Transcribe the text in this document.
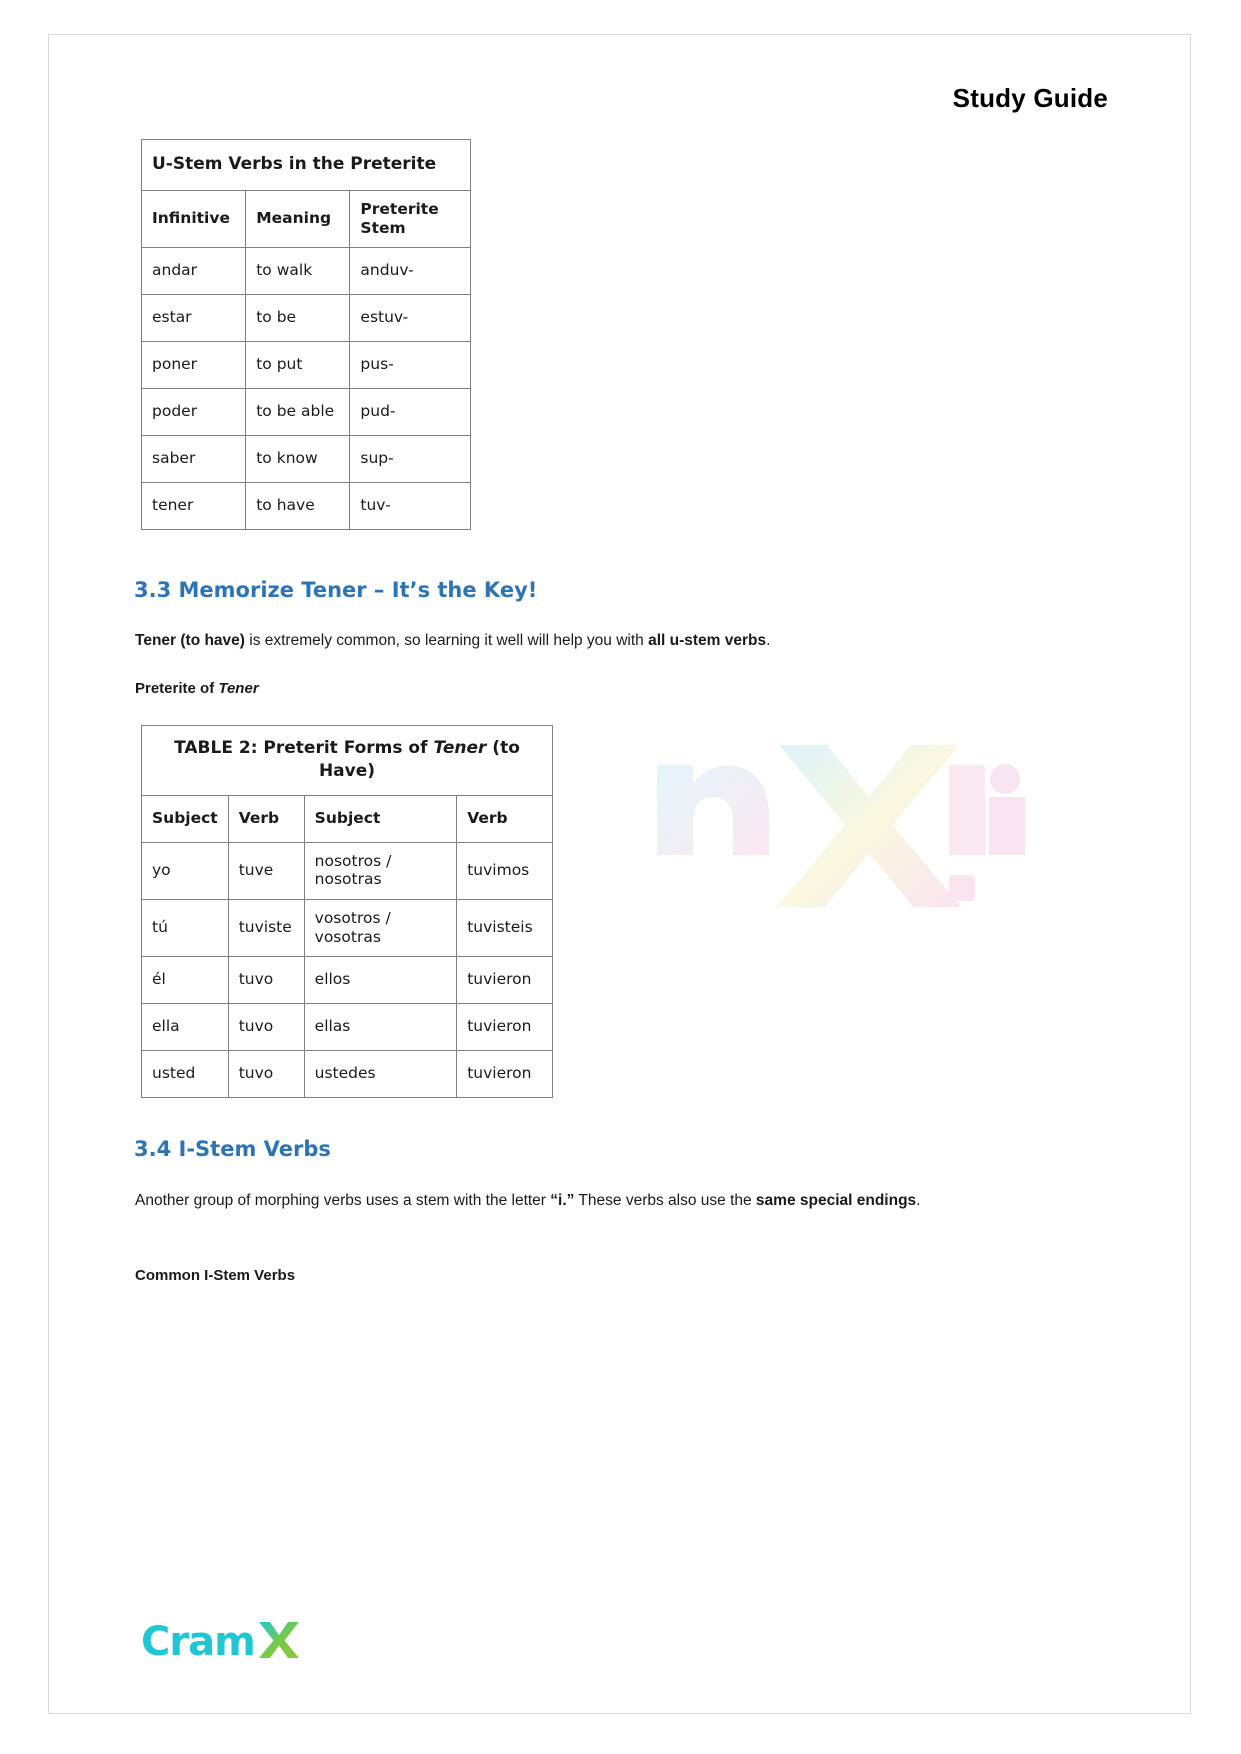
Study Guide
U-Stem Verbs in the Preterite		
Infinitive	Meaning	Preterite Stem
andar	to walk	anduv-
estar	to be	estuv-
poner	to put	pus-
poder	to be able	pud-
saber	to know	sup-
tener	to have	tuv-
3.3 Memorize Tener – It’s the Key!
Tener (to have) is extremely common, so learning it well will help you with all u-stem verbs.
Preterite of Tener
TABLE 2: Preterit Forms of Tener (to Have)			
Subject	Verb	Subject	Verb
yo	tuve	nosotros / nosotras	tuvimos
tú	tuviste	vosotros / vosotras	tuvisteis
él	tuvo	ellos	tuvieron
ella	tuvo	ellas	tuvieron
usted	tuvo	ustedes	tuvieron
3.4 I-Stem Verbs
Another group of morphing verbs uses a stem with the letter “i.” These verbs also use the same special endings.
Common I-Stem Verbs
Cram
